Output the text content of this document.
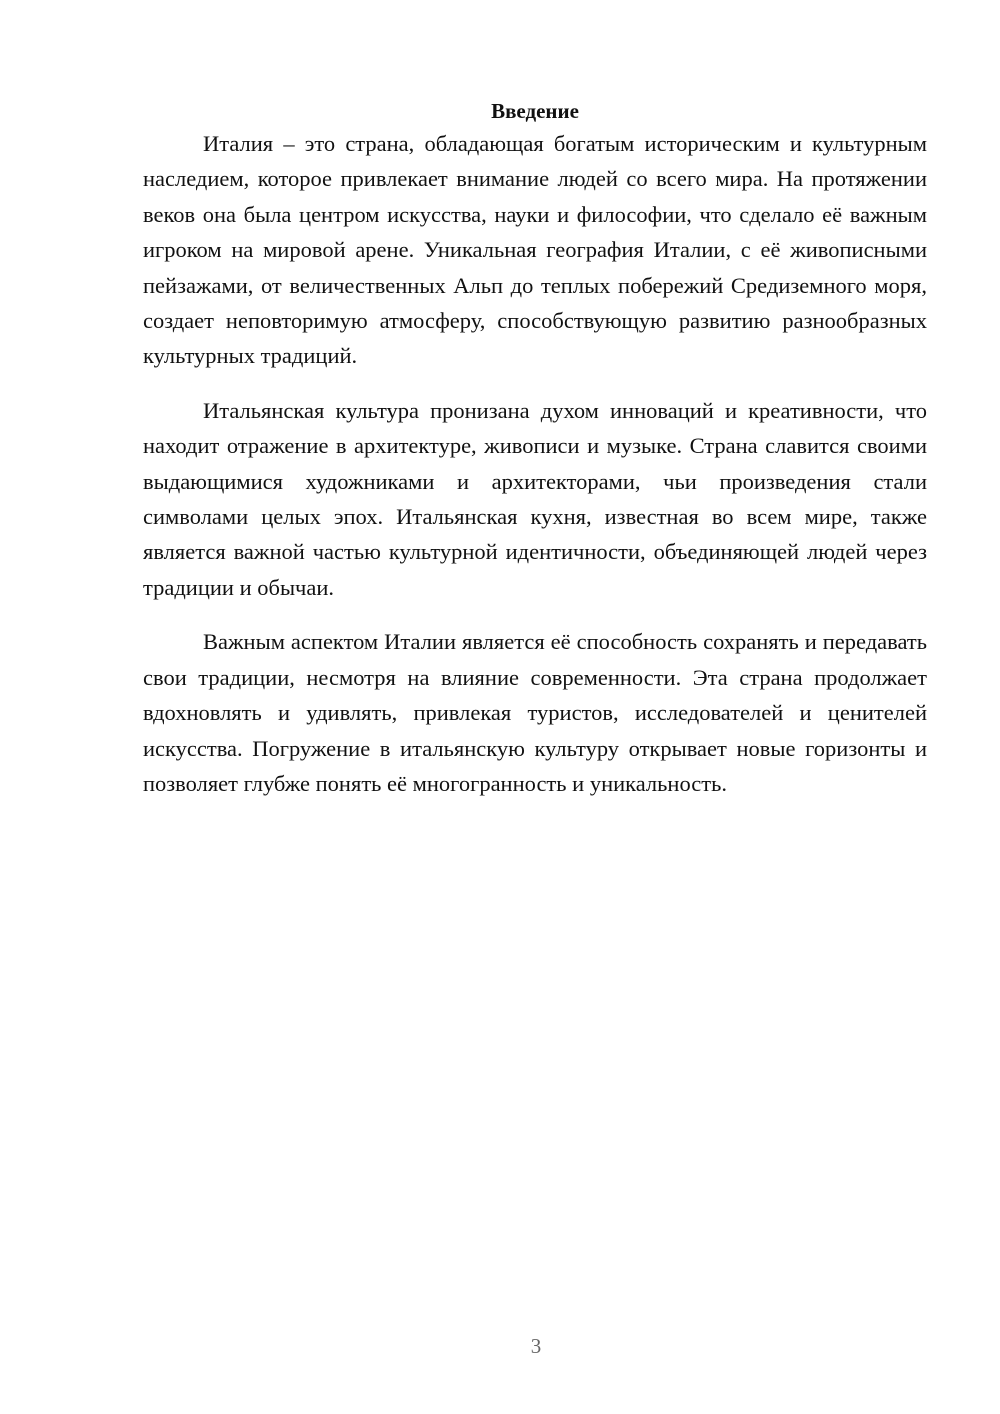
Введение

Италия – это страна, обладающая богатым историческим и культурным наследием, которое привлекает внимание людей со всего мира. На протяжении веков она была центром искусства, науки и философии, что сделало её важным игроком на мировой арене. Уникальная география Италии, с её живописными пейзажами, от величественных Альп до теплых побережий Средиземного моря, создает неповторимую атмосферу, способствующую развитию разнообразных культурных традиций.

Итальянская культура пронизана духом инноваций и креативности, что находит отражение в архитектуре, живописи и музыке. Страна славится своими выдающимися художниками и архитекторами, чьи произведения стали символами целых эпох. Итальянская кухня, известная во всем мире, также является важной частью культурной идентичности, объединяющей людей через традиции и обычаи.

Важным аспектом Италии является её способность сохранять и передавать свои традиции, несмотря на влияние современности. Эта страна продолжает вдохновлять и удивлять, привлекая туристов, исследователей и ценителей искусства. Погружение в итальянскую культуру открывает новые горизонты и позволяет глубже понять её многогранность и уникальность.

3
